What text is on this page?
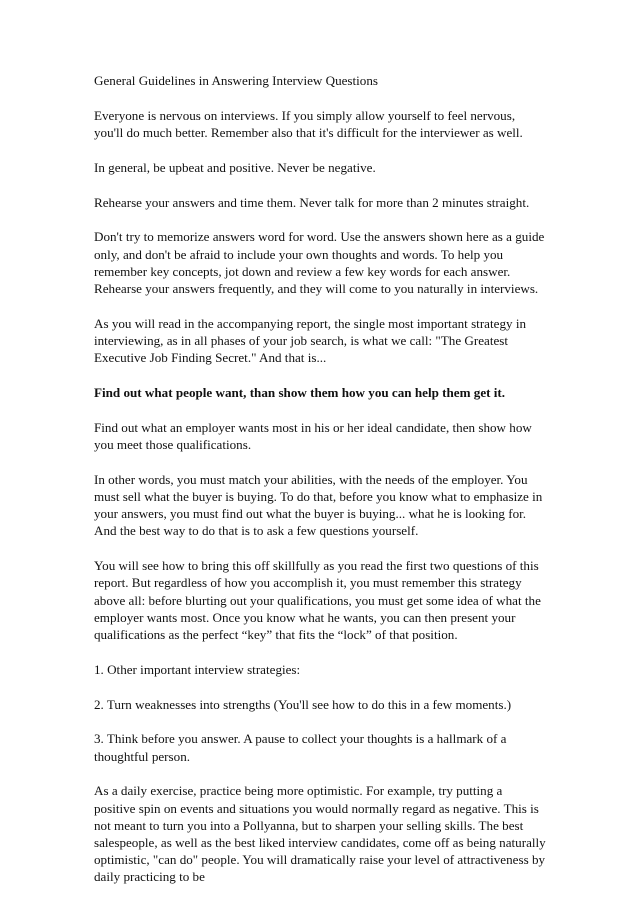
General Guidelines in Answering Interview Questions

Everyone is nervous on interviews. If you simply allow yourself to feel nervous, you'll do much better. Remember also that it's difficult for the interviewer as well.

In general, be upbeat and positive. Never be negative.

Rehearse your answers and time them. Never talk for more than 2 minutes straight.

Don't try to memorize answers word for word. Use the answers shown here as a guide only, and don't be afraid to include your own thoughts and words. To help you remember key concepts, jot down and review a few key words for each answer. Rehearse your answers frequently, and they will come to you naturally in interviews.

As you will read in the accompanying report, the single most important strategy in interviewing, as in all phases of your job search, is what we call: "The Greatest Executive Job Finding Secret." And that is...

Find out what people want, than show them how you can help them get it.

Find out what an employer wants most in his or her ideal candidate, then show how you meet those qualifications.

In other words, you must match your abilities, with the needs of the employer. You must sell what the buyer is buying. To do that, before you know what to emphasize in your answers, you must find out what the buyer is buying... what he is looking for. And the best way to do that is to ask a few questions yourself.

You will see how to bring this off skillfully as you read the first two questions of this report. But regardless of how you accomplish it, you must remember this strategy above all: before blurting out your qualifications, you must get some idea of what the employer wants most. Once you know what he wants, you can then present your qualifications as the perfect “key” that fits the “lock” of that position.

1. Other important interview strategies:

2. Turn weaknesses into strengths (You'll see how to do this in a few moments.)

3. Think before you answer. A pause to collect your thoughts is a hallmark of a thoughtful person.

As a daily exercise, practice being more optimistic. For example, try putting a positive spin on events and situations you would normally regard as negative. This is not meant to turn you into a Pollyanna, but to sharpen your selling skills. The best salespeople, as well as the best liked interview candidates, come off as being naturally optimistic, "can do" people. You will dramatically raise your level of attractiveness by daily practicing to be
